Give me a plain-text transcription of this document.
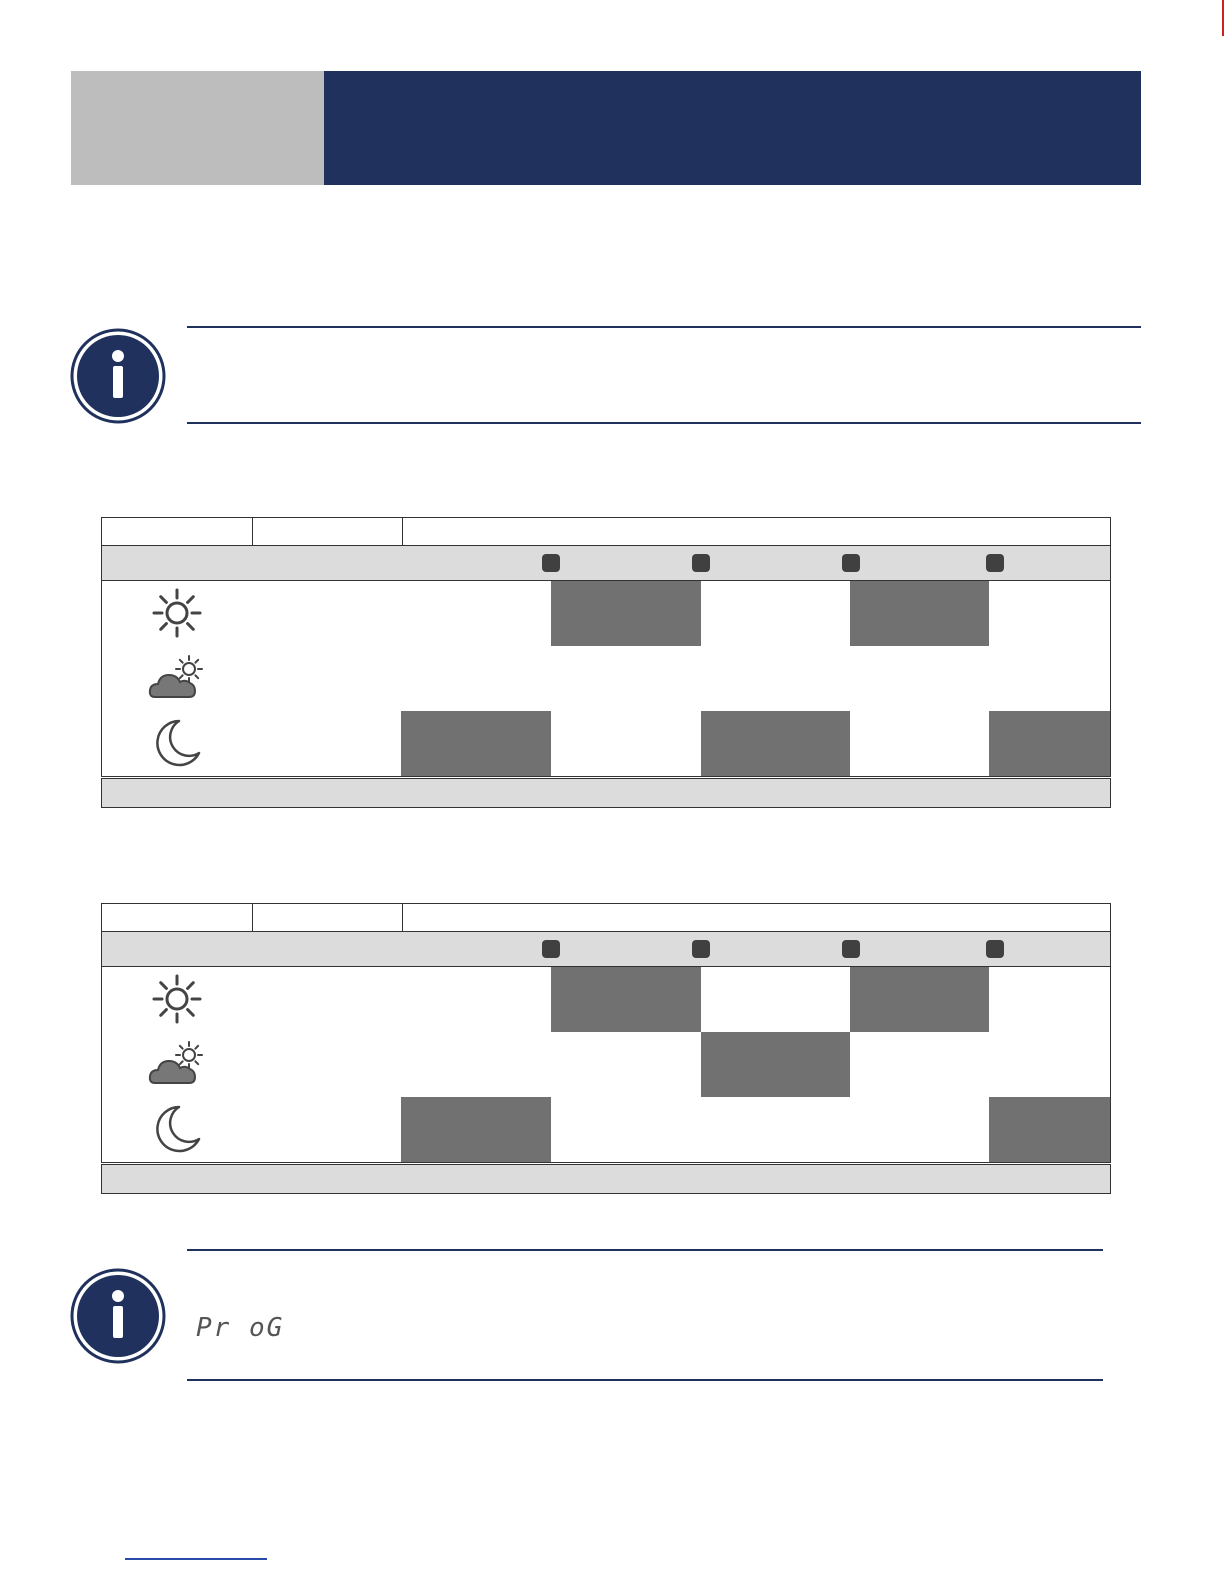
Pr oG
